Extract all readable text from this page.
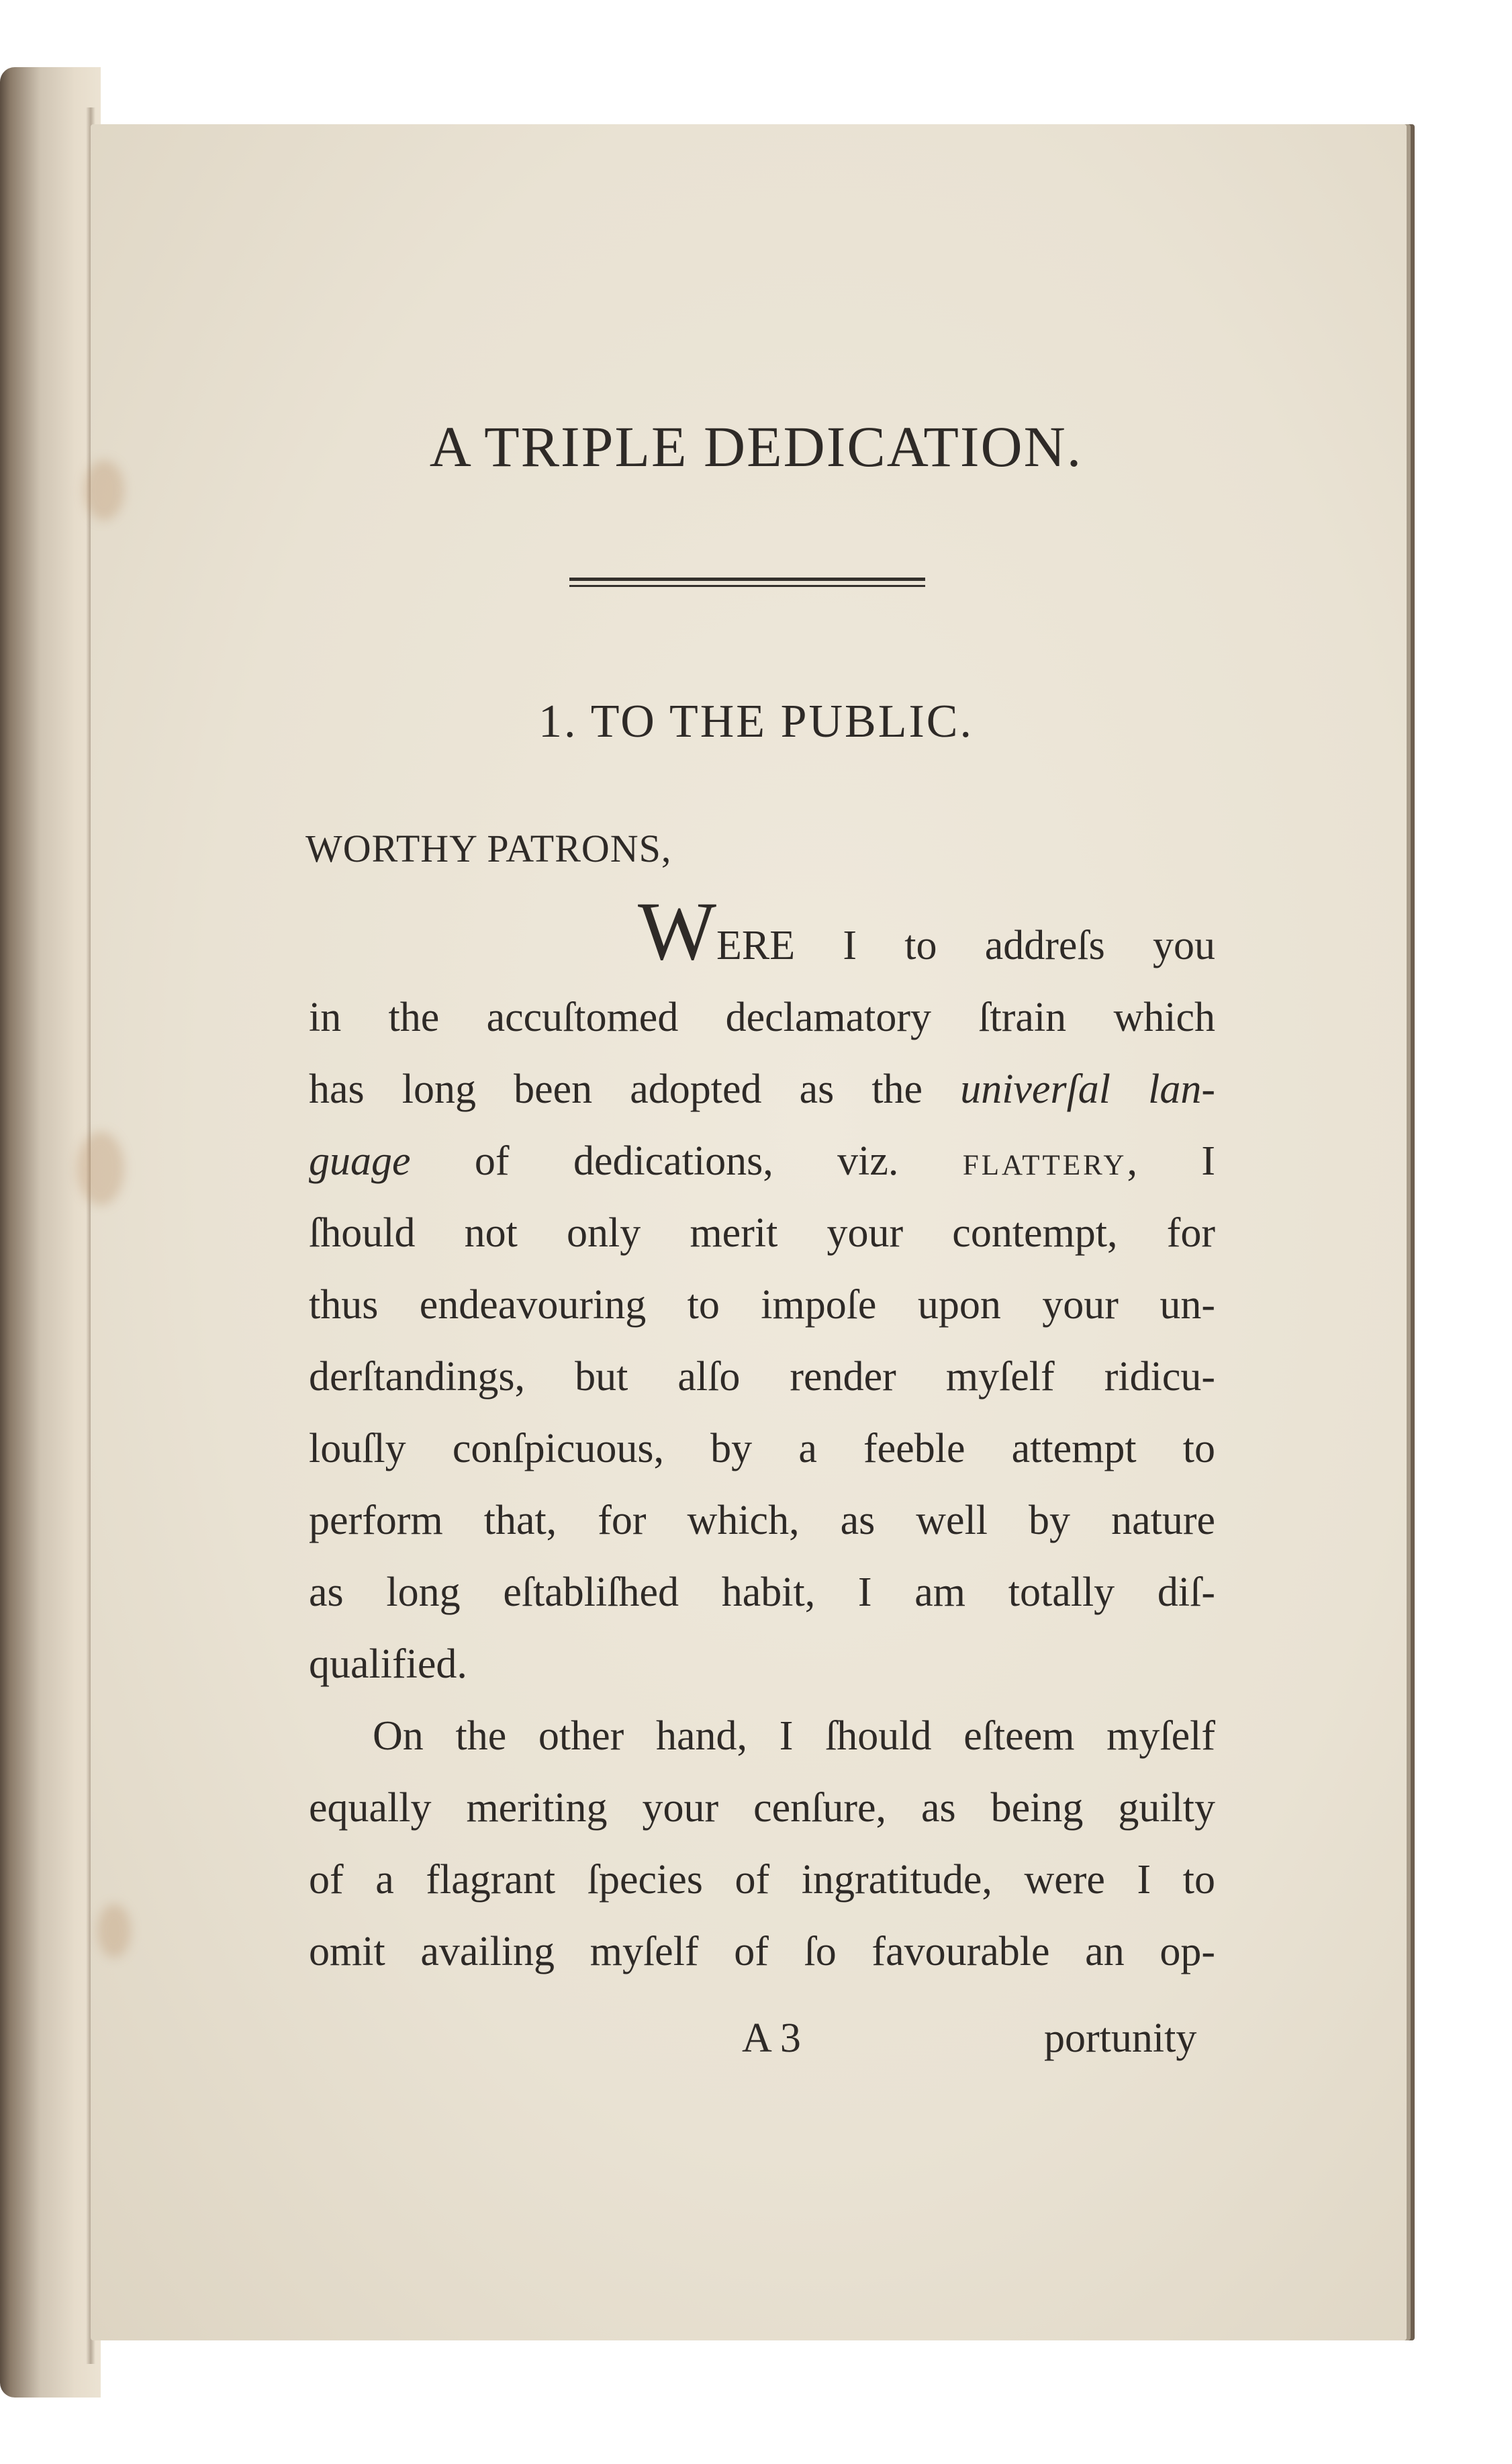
A TRIPLE DEDICATION.
1. TO THE PUBLIC.

WORTHY PATRONS,

WERE I to addreſs you
in the accuſtomed declamatory ſtrain which
has long been adopted as the univerſal lan-
guage of dedications, viz. flattery, I
ſhould not only merit your contempt, for
thus endeavouring to impoſe upon your un-
derſtandings, but alſo render myſelf ridicu-
louſly conſpicuous, by a feeble attempt to
perform that, for which, as well by nature
as long eſtabliſhed habit, I am totally diſ-
qualified.
On the other hand, I ſhould eſteem myſelf
equally meriting your cenſure, as being guilty
of a flagrant ſpecies of ingratitude, were I to
omit availing myſelf of ſo favourable an op-
A 3	portunity
